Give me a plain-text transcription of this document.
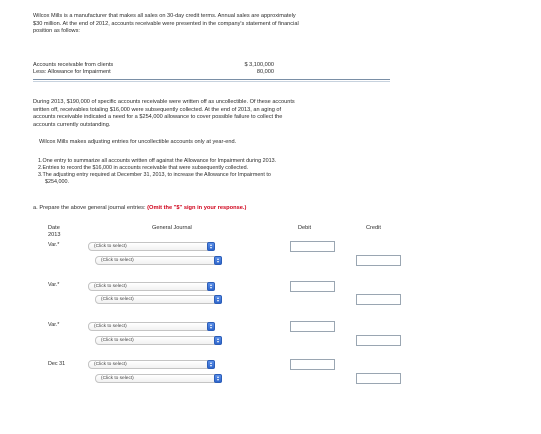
Wilcox Mills is a manufacturer that makes all sales on 30-day credit terms. Annual sales are approximately
$30 million. At the end of 2012, accounts receivable were presented in the company's statement of financial
position as follows:
Accounts receivable from clients	$ 3,100,000
Less: Allowance for Impairment	80,000
During 2013, $190,000 of specific accounts receivable were written off as uncollectible. Of these accounts
written off, receivables totaling $16,000 were subsequently collected. At the end of 2013, an aging of
accounts receivable indicated a need for a $254,000 allowance to cover possible failure to collect the
accounts currently outstanding.
Wilcox Mills makes adjusting entries for uncollectible accounts only at year-end.
1.One entry to summarize all accounts written off against the Allowance for Impairment during 2013.
2.Entries to record the $16,000 in accounts receivable that were subsequently collected.
3.The adjusting entry required at December 31, 2013, to increase the Allowance for Impairment to
$254,000.
a. Prepare the above general journal entries: (Omit the "$" sign in your response.)
Date
2013
General Journal	Debit	Credit
Var.*	(Click to select)
(Click to select)
Var.*	(Click to select)
(Click to select)
Var.*	(Click to select)
(Click to select)
Dec 31	(Click to select)
(Click to select)
